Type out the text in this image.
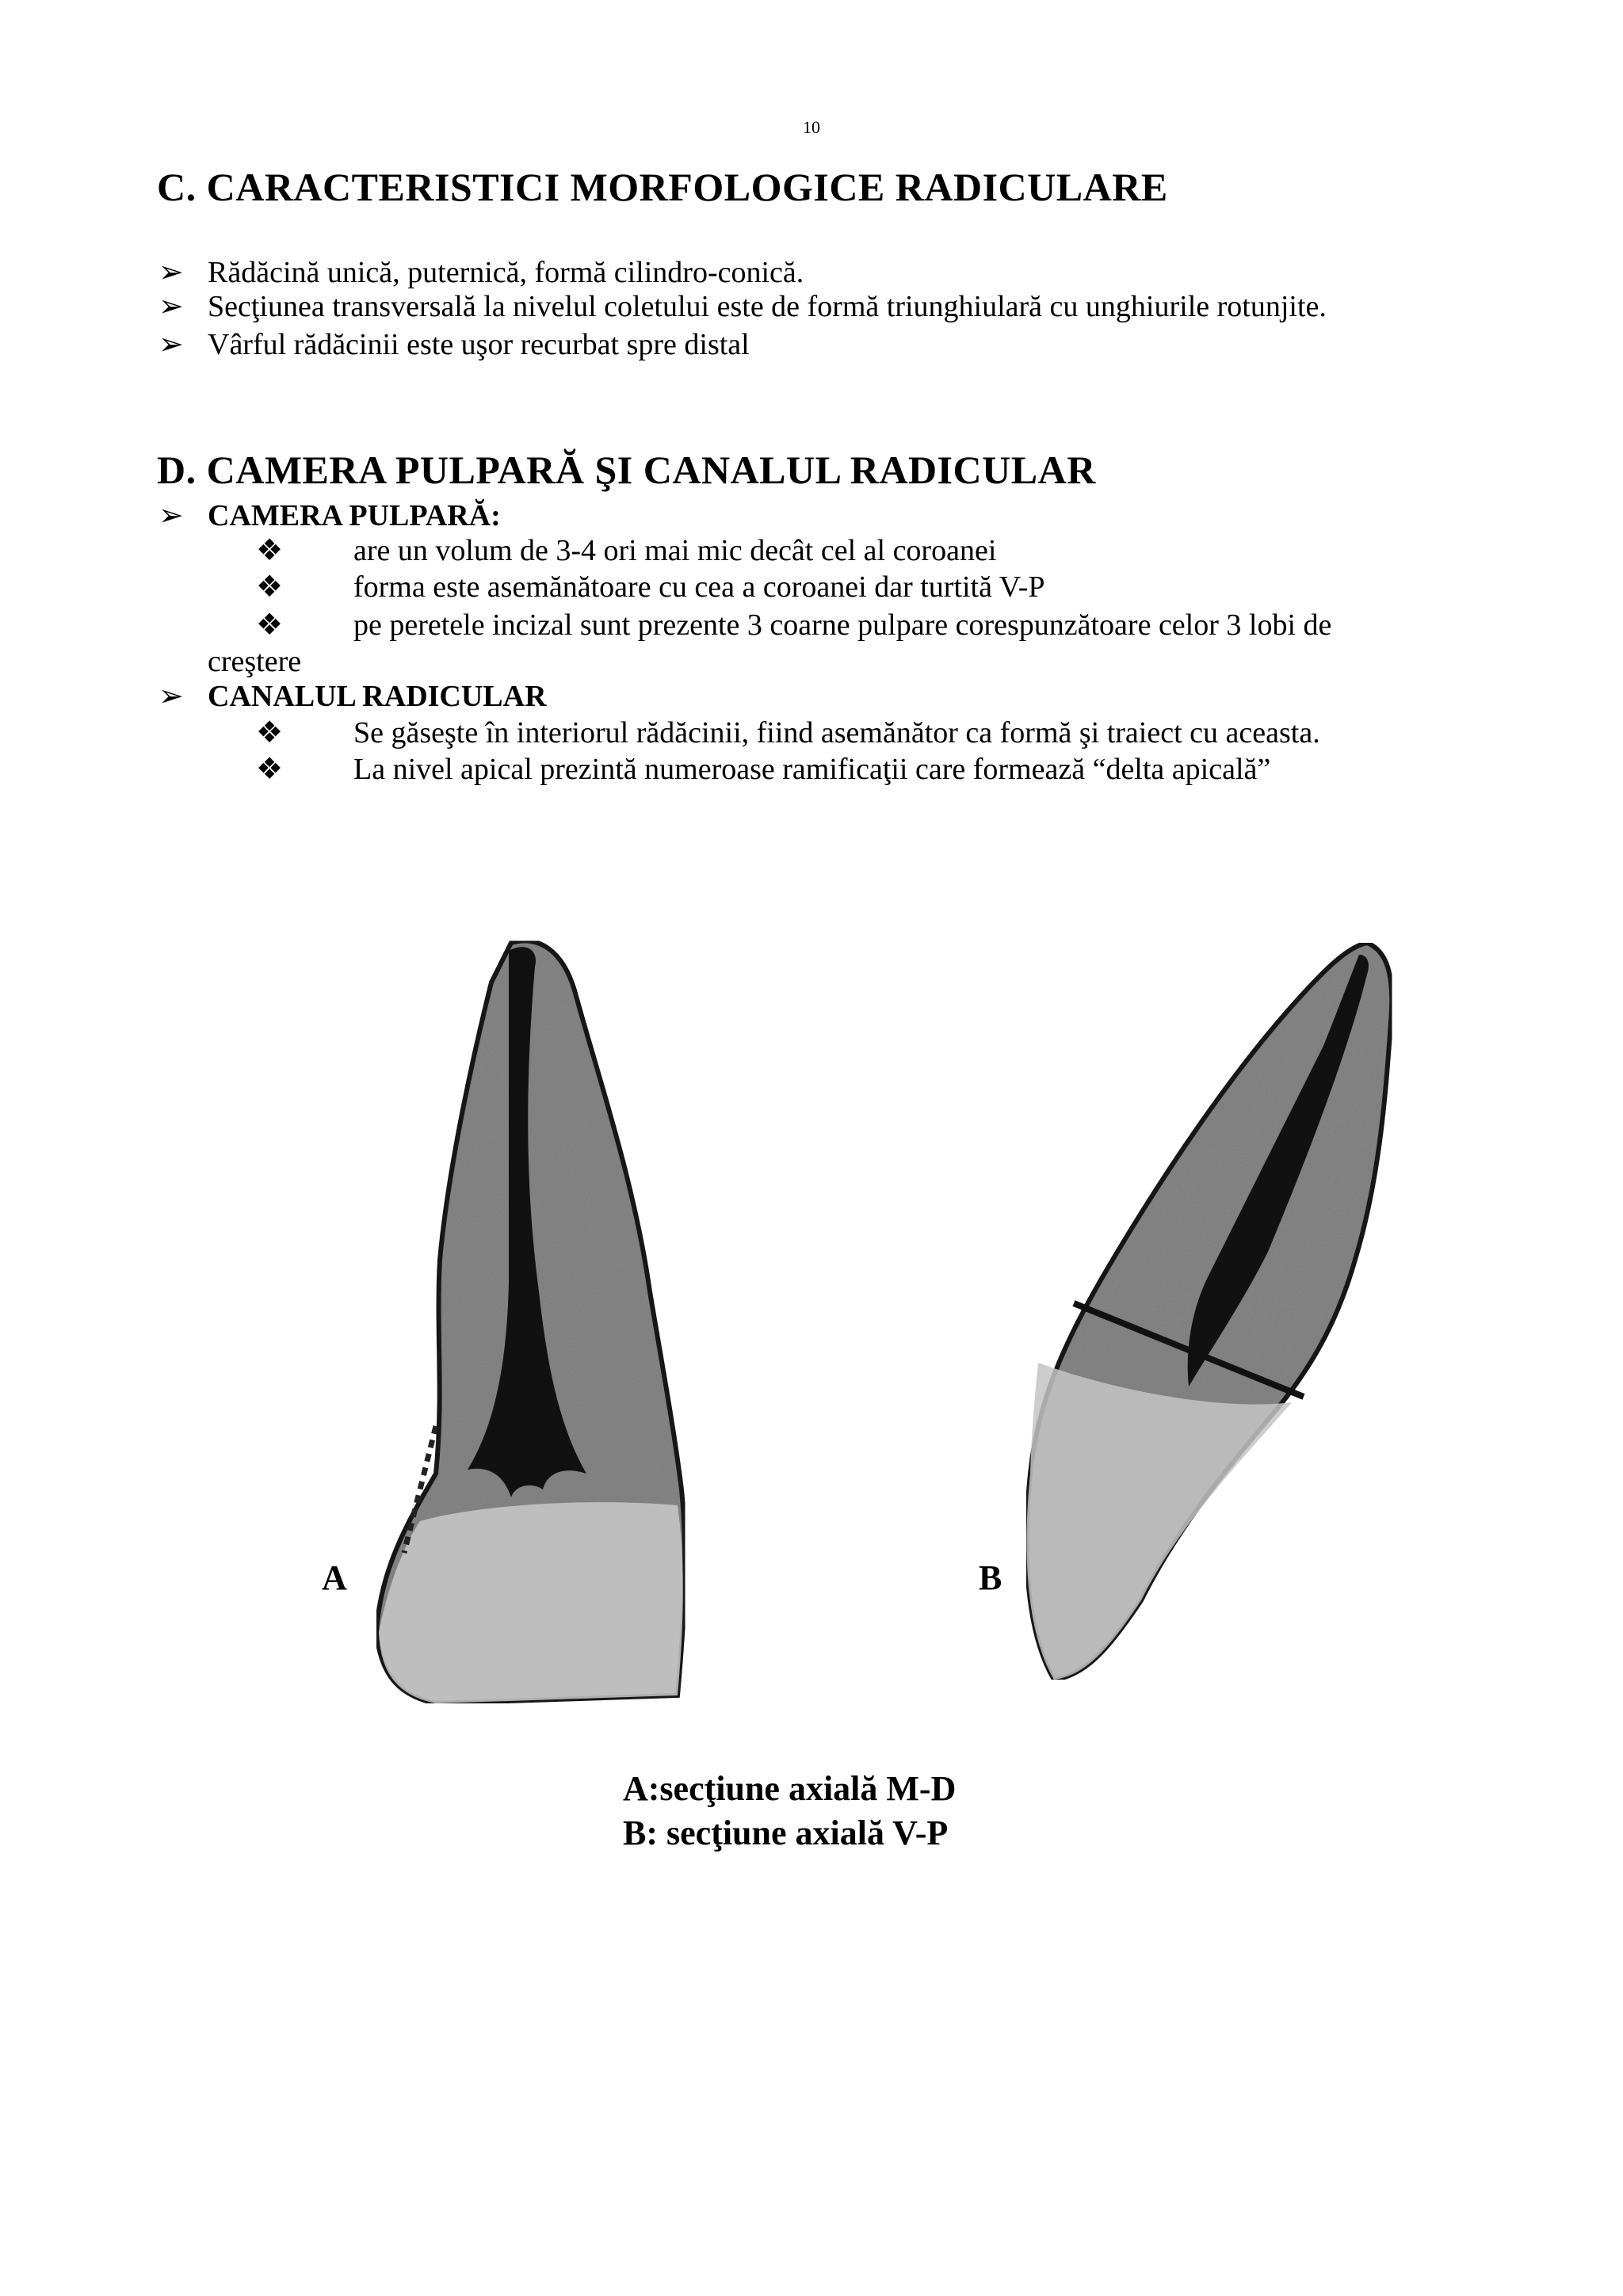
10
C. CARACTERISTICI MORFOLOGICE RADICULARE
➢ Rădăcină unică, puternică, formă cilindro-conică.
➢ Secţiunea transversală la nivelul coletului este de formă triunghiulară cu unghiurile rotunjite.
➢ Vârful rădăcinii este uşor recurbat spre distal
D. CAMERA PULPARĂ ŞI CANALUL RADICULAR
➢ CAMERA PULPARĂ:
❖ are un volum de 3-4 ori mai mic decât cel al coroanei
❖ forma este asemănătoare cu cea a coroanei dar turtită V-P
❖ pe peretele incizal sunt prezente 3 coarne pulpare corespunzătoare celor 3 lobi de
creştere
➢ CANALUL RADICULAR
❖ Se găseşte în interiorul rădăcinii, fiind asemănător ca formă şi traiect cu aceasta.
❖ La nivel apical prezintă numeroase ramificaţii care formează “delta apicală”
A	B
A:secţiune axială M-D
B: secţiune axială V-P
